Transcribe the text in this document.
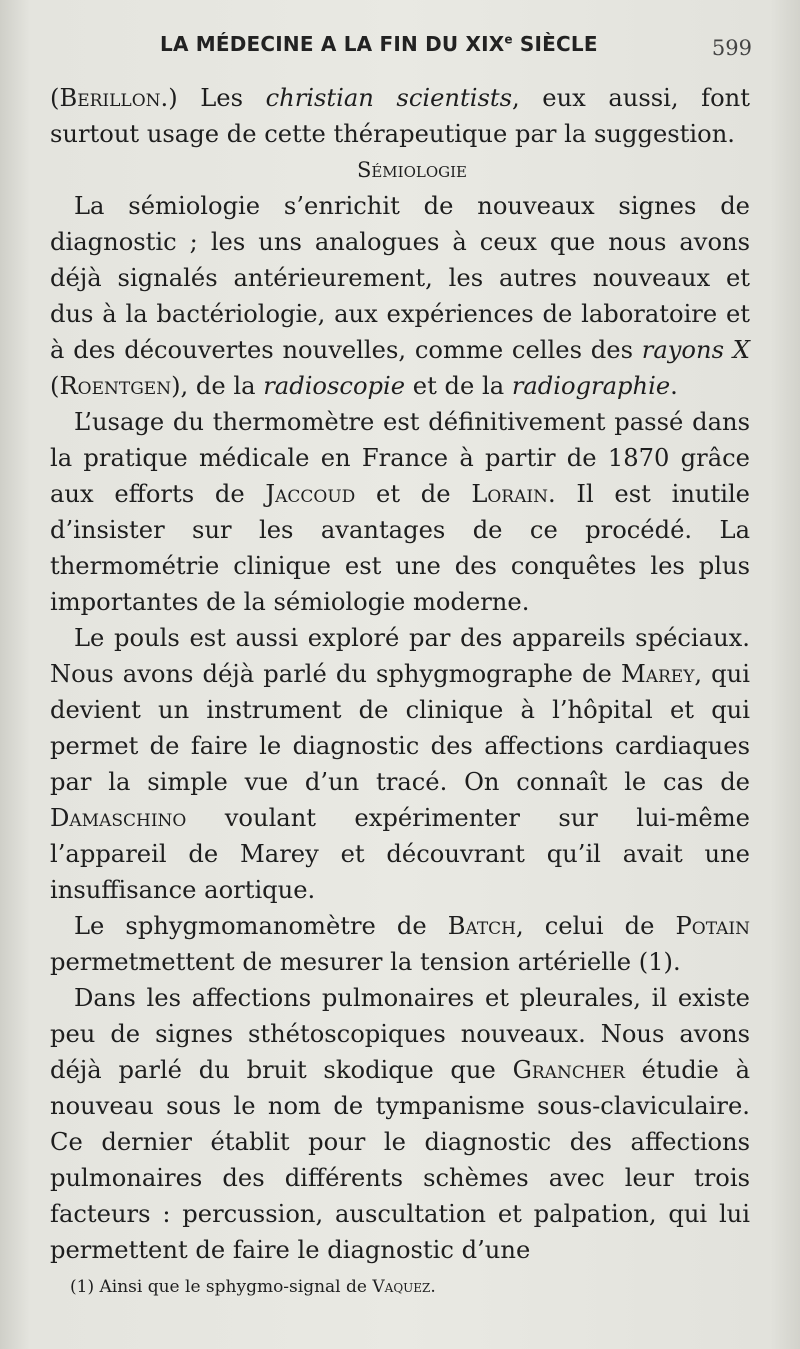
LA MÉDECINE A LA FIN DU XIXe SIÈCLE	599

(Berillon.) Les christian scientists, eux aussi, font surtout usage de cette thérapeutique par la suggestion.

Sémiologie

La sémiologie s’enrichit de nouveaux signes de diagnostic ; les uns analogues à ceux que nous avons déjà signalés antérieurement, les autres nouveaux et dus à la bactériologie, aux expériences de laboratoire et à des découvertes nouvelles, comme celles des rayons X (Roentgen), de la radioscopie et de la radiographie.

L’usage du thermomètre est définitivement passé dans la pratique médicale en France à partir de 1870 grâce aux efforts de Jaccoud et de Lorain. Il est inutile d’insister sur les avantages de ce procédé. La thermométrie clinique est une des conquêtes les plus importantes de la sémiologie moderne.

Le pouls est aussi exploré par des appareils spéciaux. Nous avons déjà parlé du sphygmographe de Marey, qui devient un instrument de clinique à l’hôpital et qui permet de faire le diagnostic des affections cardiaques par la simple vue d’un tracé. On connaît le cas de Damaschino voulant expérimenter sur lui-même l’appareil de Marey et découvrant qu’il avait une insuffisance aortique.

Le sphygmomanomètre de Batch, celui de Potain permetmettent de mesurer la tension artérielle (1).

Dans les affections pulmonaires et pleurales, il existe peu de signes sthétoscopiques nouveaux. Nous avons déjà parlé du bruit skodique que Grancher étudie à nouveau sous le nom de tympanisme sous-claviculaire. Ce dernier établit pour le diagnostic des affections pulmonaires des différents schèmes avec leur trois facteurs : percussion, auscultation et palpation, qui lui permettent de faire le diagnostic d’une

(1) Ainsi que le sphygmo-signal de Vaquez.
